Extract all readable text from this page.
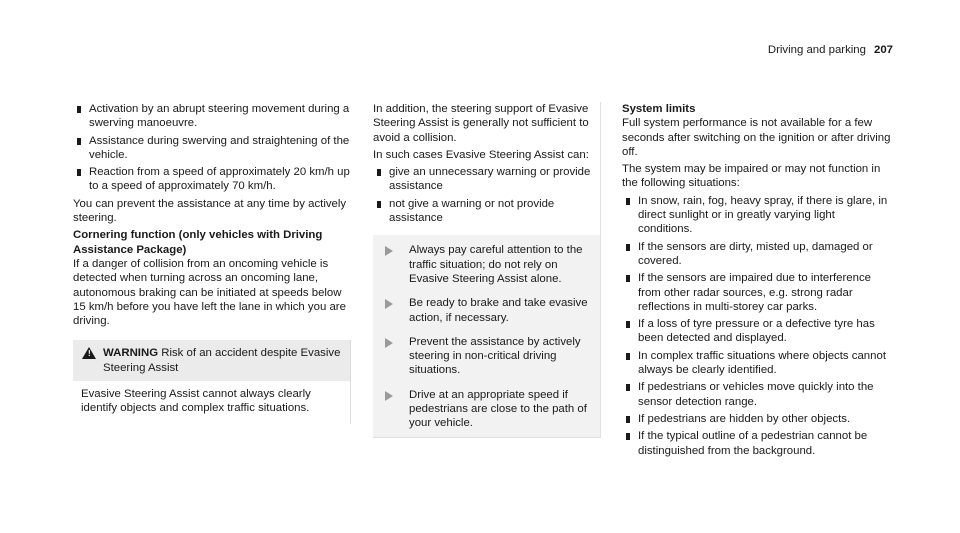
Driving and parking 207
Activation by an abrupt steering movement during a swerving manoeuvre.
Assistance during swerving and straightening of the vehicle.
Reaction from a speed of approximately 20 km/h up to a speed of approximately 70 km/h.

You can prevent the assistance at any time by actively steering.

Cornering function (only vehicles with Driving Assistance Package)

If a danger of collision from an oncoming vehicle is detected when turning across an oncoming lane, autonomous braking can be initiated at speeds below 15 km/h before you have left the lane in which you are driving.

! WARNING Risk of an accident despite Evasive Steering Assist
Evasive Steering Assist cannot always clearly identify objects and complex traffic situations.

In addition, the steering support of Evasive Steering Assist is generally not sufficient to avoid a collision.

In such cases Evasive Steering Assist can:

give an unnecessary warning or provide assistance
not give a warning or not provide assistance
Always pay careful attention to the traffic situation; do not rely on Evasive Steering Assist alone.
Be ready to brake and take evasive action, if necessary.
Prevent the assistance by actively steering in non-critical driving situations.
Drive at an appropriate speed if pedestrians are close to the path of your vehicle.

System limits

Full system performance is not available for a few seconds after switching on the ignition or after driving off.

The system may be impaired or may not function in the following situations:

In snow, rain, fog, heavy spray, if there is glare, in direct sunlight or in greatly varying light conditions.
If the sensors are dirty, misted up, damaged or covered.
If the sensors are impaired due to interference from other radar sources, e.g. strong radar reflections in multi-storey car parks.
If a loss of tyre pressure or a defective tyre has been detected and displayed.
In complex traffic situations where objects cannot always be clearly identified.
If pedestrians or vehicles move quickly into the sensor detection range.
If pedestrians are hidden by other objects.
If the typical outline of a pedestrian cannot be distinguished from the background.
